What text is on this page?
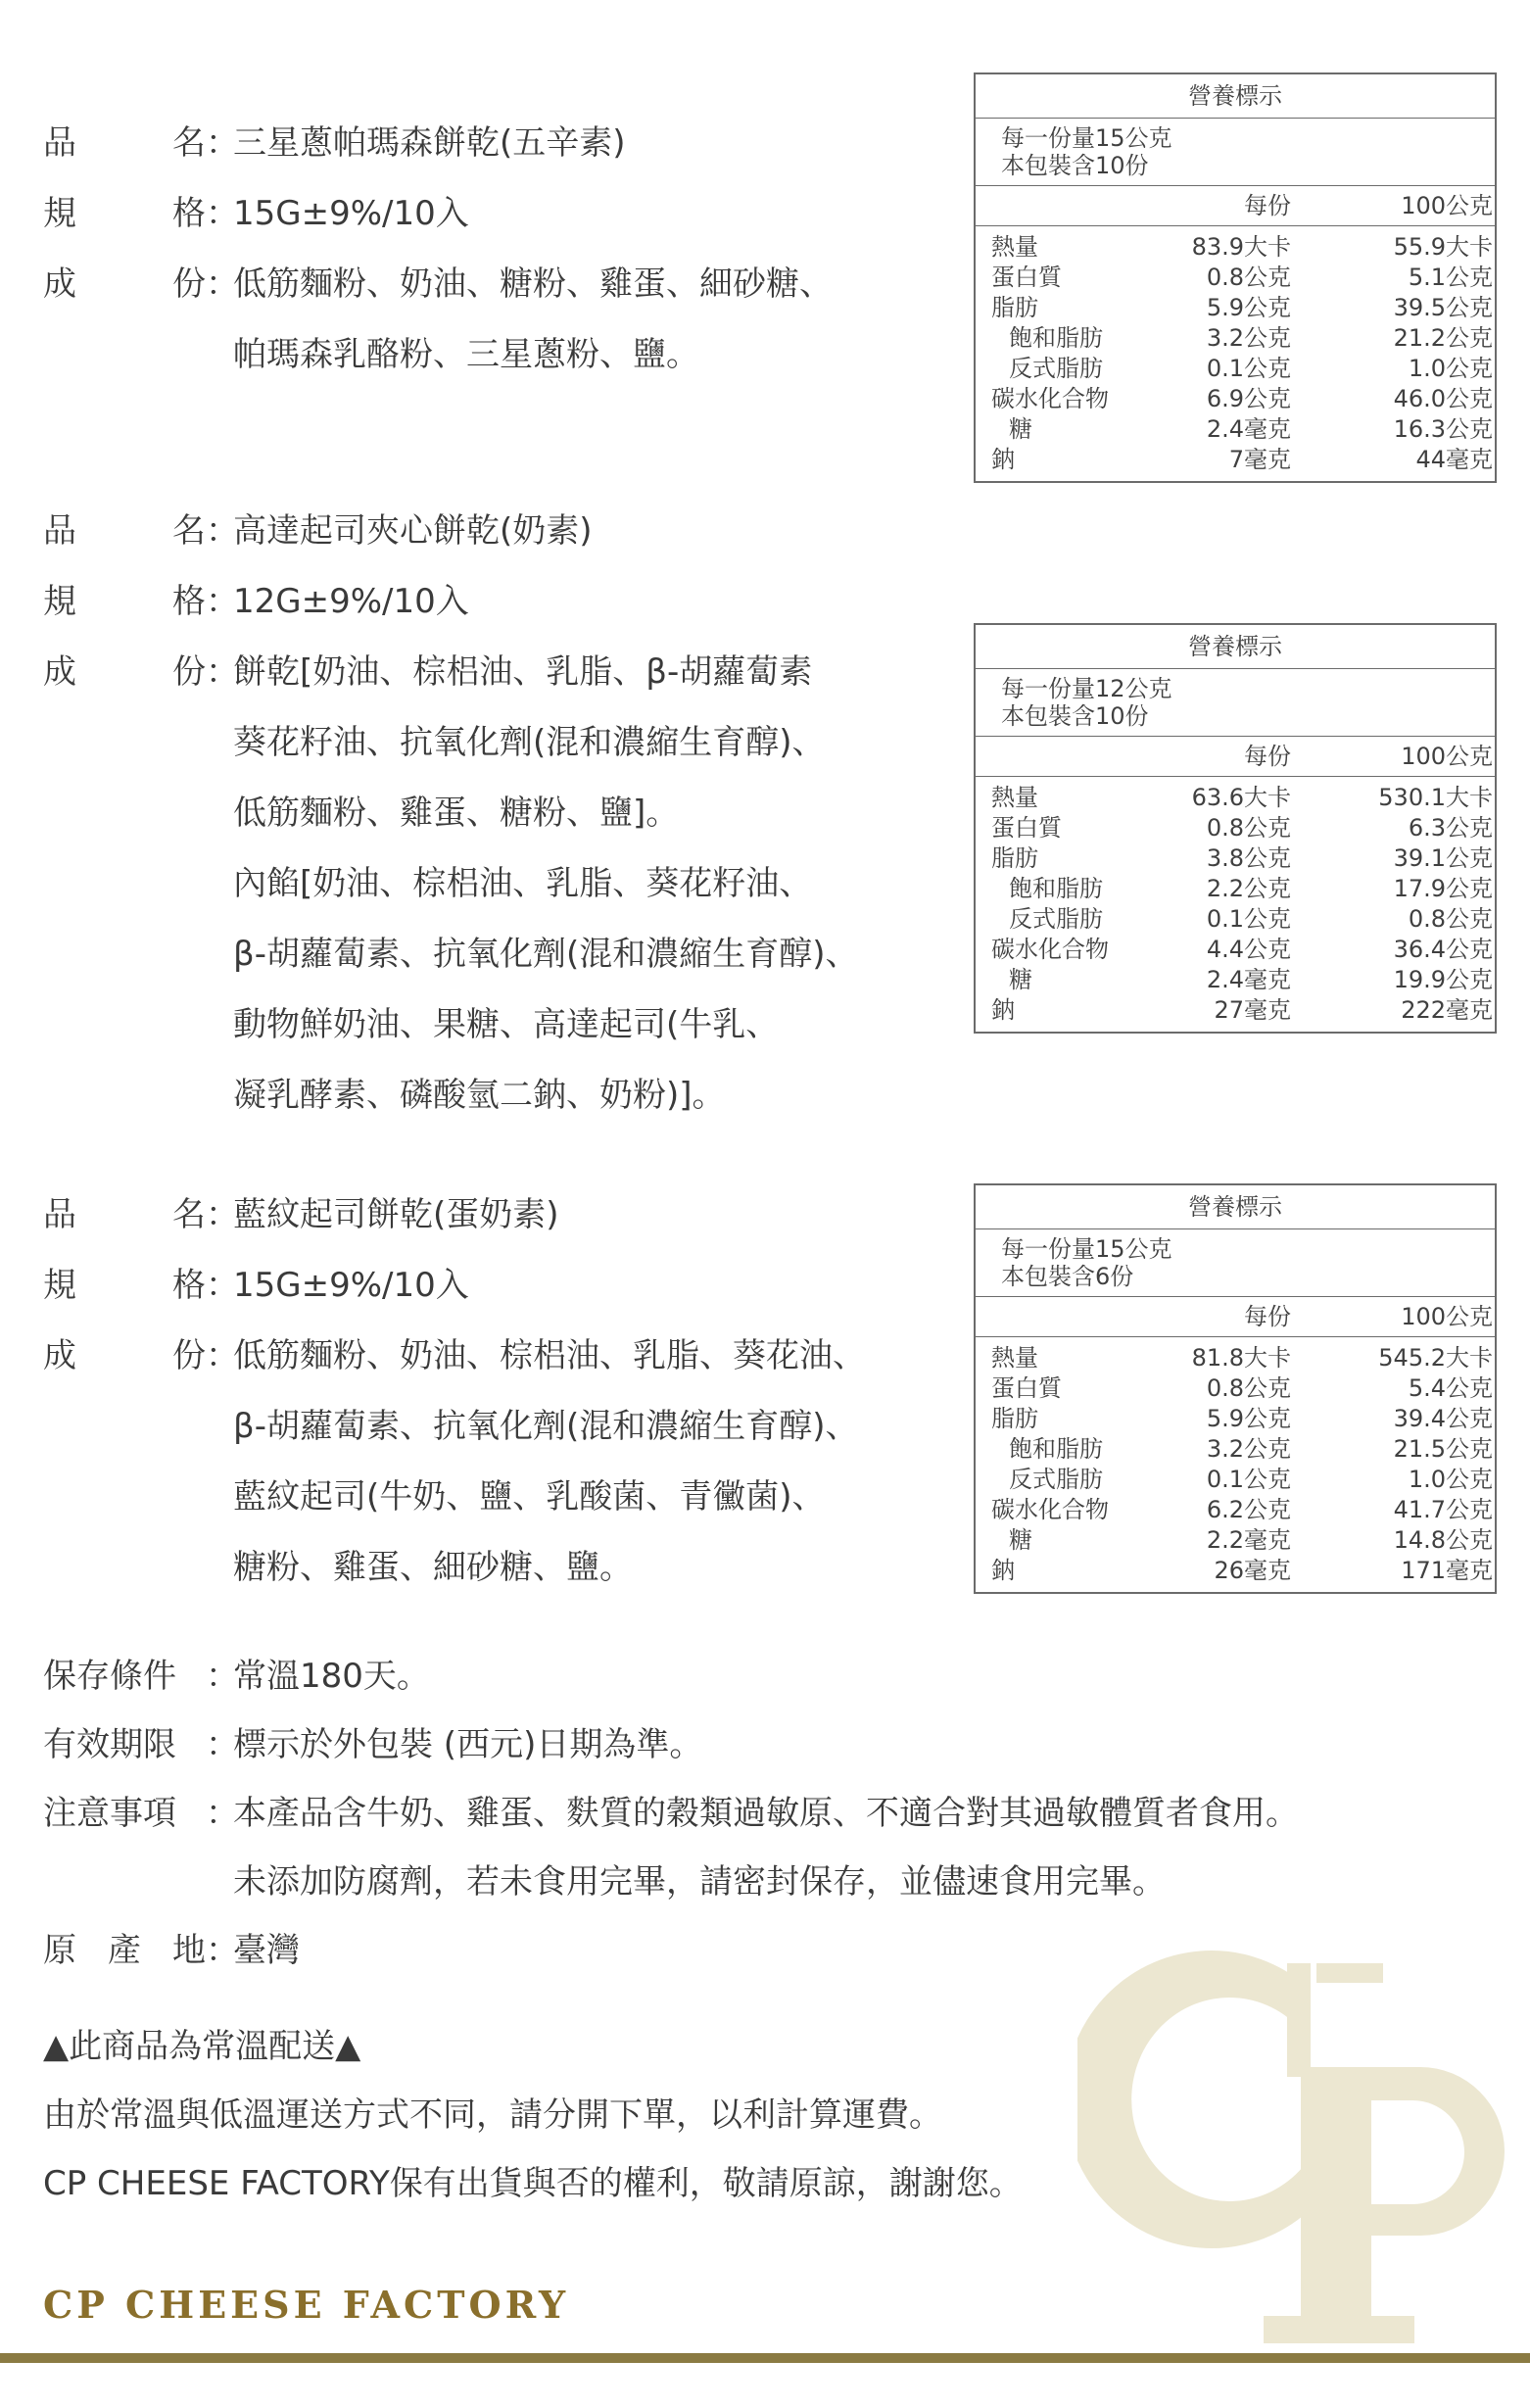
品	名 ：
三星蔥帕瑪森餅乾(五辛素)
規	格 ：
15G±9%/10入
成	份 ：
低筋麵粉、奶油、糖粉、雞蛋、細砂糖、
帕瑪森乳酪粉、三星蔥粉、鹽。
品	名 ：
高達起司夾心餅乾(奶素)
規	格 ：
12G±9%/10入
成	份 ：
餅乾[奶油、棕梠油、乳脂、β-胡蘿蔔素
葵花籽油、抗氧化劑(混和濃縮生育醇)、
低筋麵粉、雞蛋、糖粉、鹽]。
內餡[奶油、棕梠油、乳脂、葵花籽油、
β-胡蘿蔔素、抗氧化劑(混和濃縮生育醇)、
動物鮮奶油、果糖、高達起司(牛乳、
凝乳酵素、磷酸氫二鈉、奶粉)]。
品	名 ：
藍紋起司餅乾(蛋奶素)
規	格 ：
15G±9%/10入
成	份 ：
低筋麵粉、奶油、棕梠油、乳脂、葵花油、
β-胡蘿蔔素、抗氧化劑(混和濃縮生育醇)、
藍紋起司(牛奶、鹽、乳酸菌、青黴菌)、
糖粉、雞蛋、細砂糖、鹽。
營養標示
每一份量15公克
本包裝含10份
每份	100公克
熱量	83.9大卡	55.9大卡
蛋白質	0.8公克	5.1公克
脂肪	5.9公克	39.5公克
飽和脂肪	3.2公克	21.2公克
反式脂肪	0.1公克	1.0公克
碳水化合物	6.9公克	46.0公克
糖	2.4毫克	16.3公克
鈉	7毫克	44毫克
營養標示
每一份量12公克
本包裝含10份
每份	100公克
熱量	63.6大卡	530.1大卡
蛋白質	0.8公克	6.3公克
脂肪	3.8公克	39.1公克
飽和脂肪	2.2公克	17.9公克
反式脂肪	0.1公克	0.8公克
碳水化合物	4.4公克	36.4公克
糖	2.4毫克	19.9公克
鈉	27毫克	222毫克
營養標示
每一份量15公克
本包裝含6份
每份	100公克
熱量	81.8大卡	545.2大卡
蛋白質	0.8公克	5.4公克
脂肪	5.9公克	39.4公克
飽和脂肪	3.2公克	21.5公克
反式脂肪	0.1公克	1.0公克
碳水化合物	6.2公克	41.7公克
糖	2.2毫克	14.8公克
鈉	26毫克	171毫克
保存條件 ：
常溫180天。
有效期限 ：
標示於外包裝 (西元)日期為準。
注意事項 ：
本產品含牛奶、雞蛋、麩質的穀類過敏原、不適合對其過敏體質者食用。
未添加防腐劑，若未食用完畢，請密封保存，並儘速食用完畢。
原 產 地 ：
臺灣
▲此商品為常溫配送▲
由於常溫與低溫運送方式不同，請分開下單，以利計算運費。
CP CHEESE FACTORY保有出貨與否的權利，敬請原諒，謝謝您。
CP
CP CHEESE FACTORY
